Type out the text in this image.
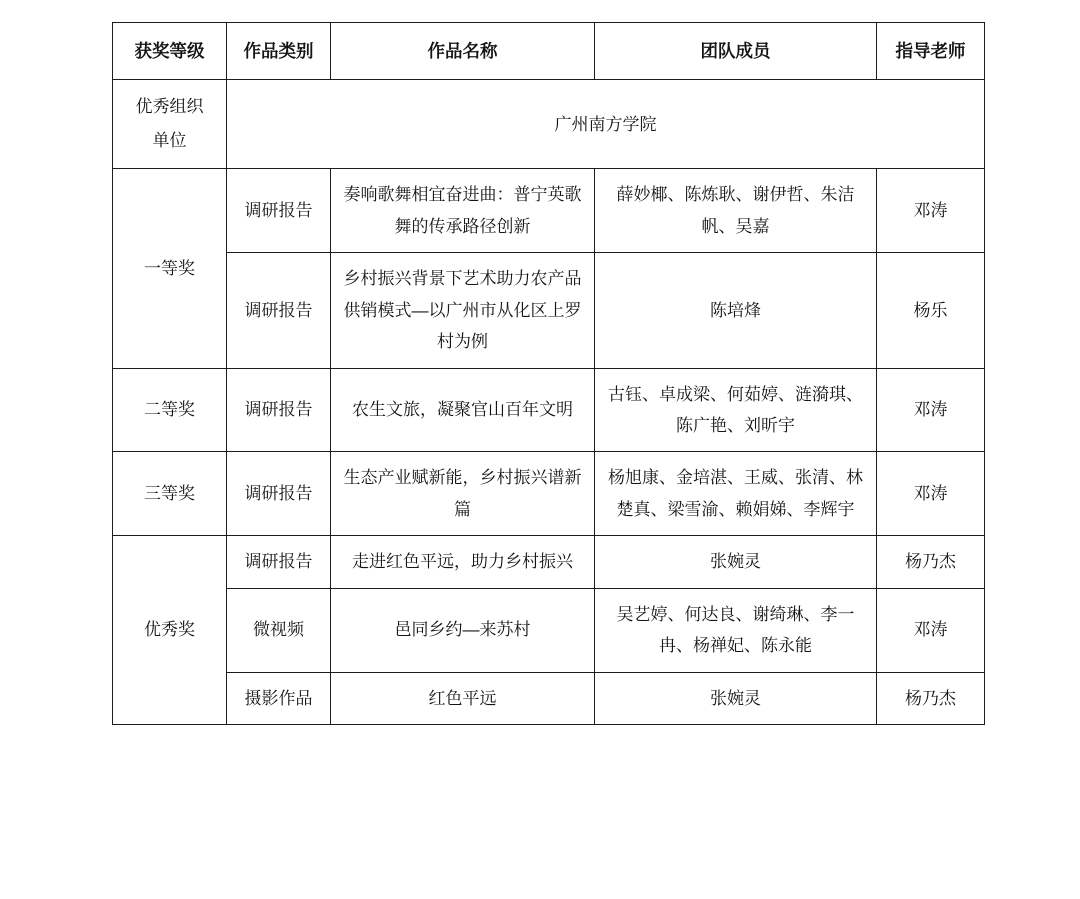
获奖等级	作品类别	作品名称	团队成员	指导老师

优秀组织
单位	广州南方学院			
一等奖	调研报告	奏响歌舞相宜奋进曲：普宁英歌舞的传承路径创新	薛妙椰、陈炼耿、谢伊哲、朱洁帆、吴嘉	邓涛
	调研报告	乡村振兴背景下艺术助力农产品供销模式—以广州市从化区上罗村为例	陈培烽	杨乐
二等奖	调研报告	农生文旅，凝聚官山百年文明	古钰、卓成梁、何茹婷、涟漪琪、陈广艳、刘昕宇	邓涛
三等奖	调研报告	生态产业赋新能，乡村振兴谱新篇	杨旭康、金培湛、王威、张清、林楚真、梁雪渝、赖娟娣、李辉宇	邓涛
优秀奖	调研报告	走进红色平远，助力乡村振兴	张婉灵	杨乃杰
	微视频	邑同乡约—来苏村	吴艺婷、何达良、谢绮琳、李一冉、杨禅妃、陈永能	邓涛
	摄影作品	红色平远	张婉灵	杨乃杰
